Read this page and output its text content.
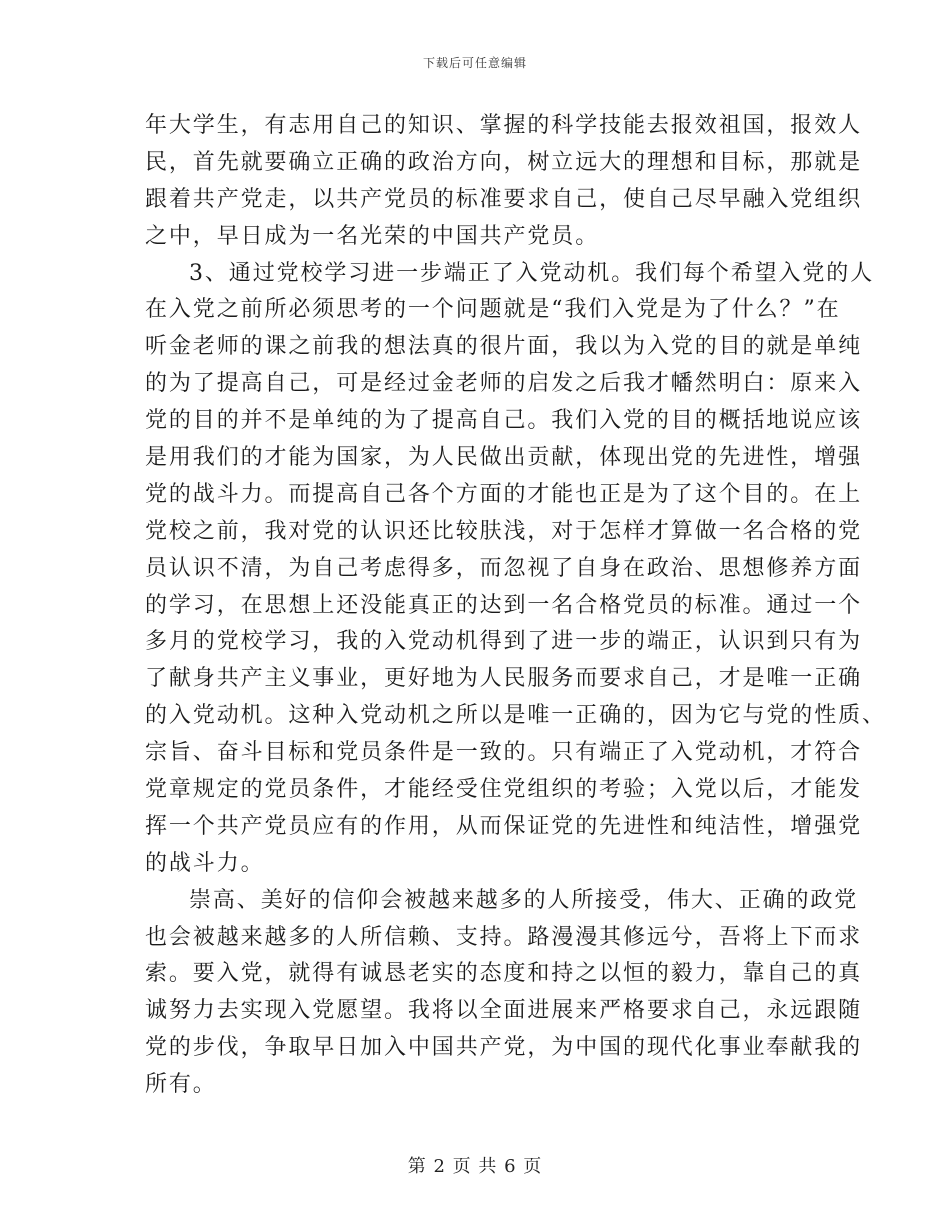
下载后可任意编辑
年大学生，有志用自己的知识、掌握的科学技能去报效祖国，报效人
民，首先就要确立正确的政治方向，树立远大的理想和目标，那就是
跟着共产党走，以共产党员的标准要求自己，使自己尽早融入党组织
之中，早日成为一名光荣的中国共产党员。
3、通过党校学习进一步端正了入党动机。我们每个希望入党的人
在入党之前所必须思考的一个问题就是“我们入党是为了什么？”在
听金老师的课之前我的想法真的很片面，我以为入党的目的就是单纯
的为了提高自己，可是经过金老师的启发之后我才幡然明白：原来入
党的目的并不是单纯的为了提高自己。我们入党的目的概括地说应该
是用我们的才能为国家，为人民做出贡献，体现出党的先进性，增强
党的战斗力。而提高自己各个方面的才能也正是为了这个目的。在上
党校之前，我对党的认识还比较肤浅，对于怎样才算做一名合格的党
员认识不清，为自己考虑得多，而忽视了自身在政治、思想修养方面
的学习，在思想上还没能真正的达到一名合格党员的标准。通过一个
多月的党校学习，我的入党动机得到了进一步的端正，认识到只有为
了献身共产主义事业，更好地为人民服务而要求自己，才是唯一正确
的入党动机。这种入党动机之所以是唯一正确的，因为它与党的性质、
宗旨、奋斗目标和党员条件是一致的。只有端正了入党动机，才符合
党章规定的党员条件，才能经受住党组织的考验；入党以后，才能发
挥一个共产党员应有的作用，从而保证党的先进性和纯洁性，增强党
的战斗力。
崇高、美好的信仰会被越来越多的人所接受，伟大、正确的政党
也会被越来越多的人所信赖、支持。路漫漫其修远兮，吾将上下而求
索。要入党，就得有诚恳老实的态度和持之以恒的毅力，靠自己的真
诚努力去实现入党愿望。我将以全面进展来严格要求自己，永远跟随
党的步伐，争取早日加入中国共产党，为中国的现代化事业奉献我的
所有。
第 2 页 共 6 页
